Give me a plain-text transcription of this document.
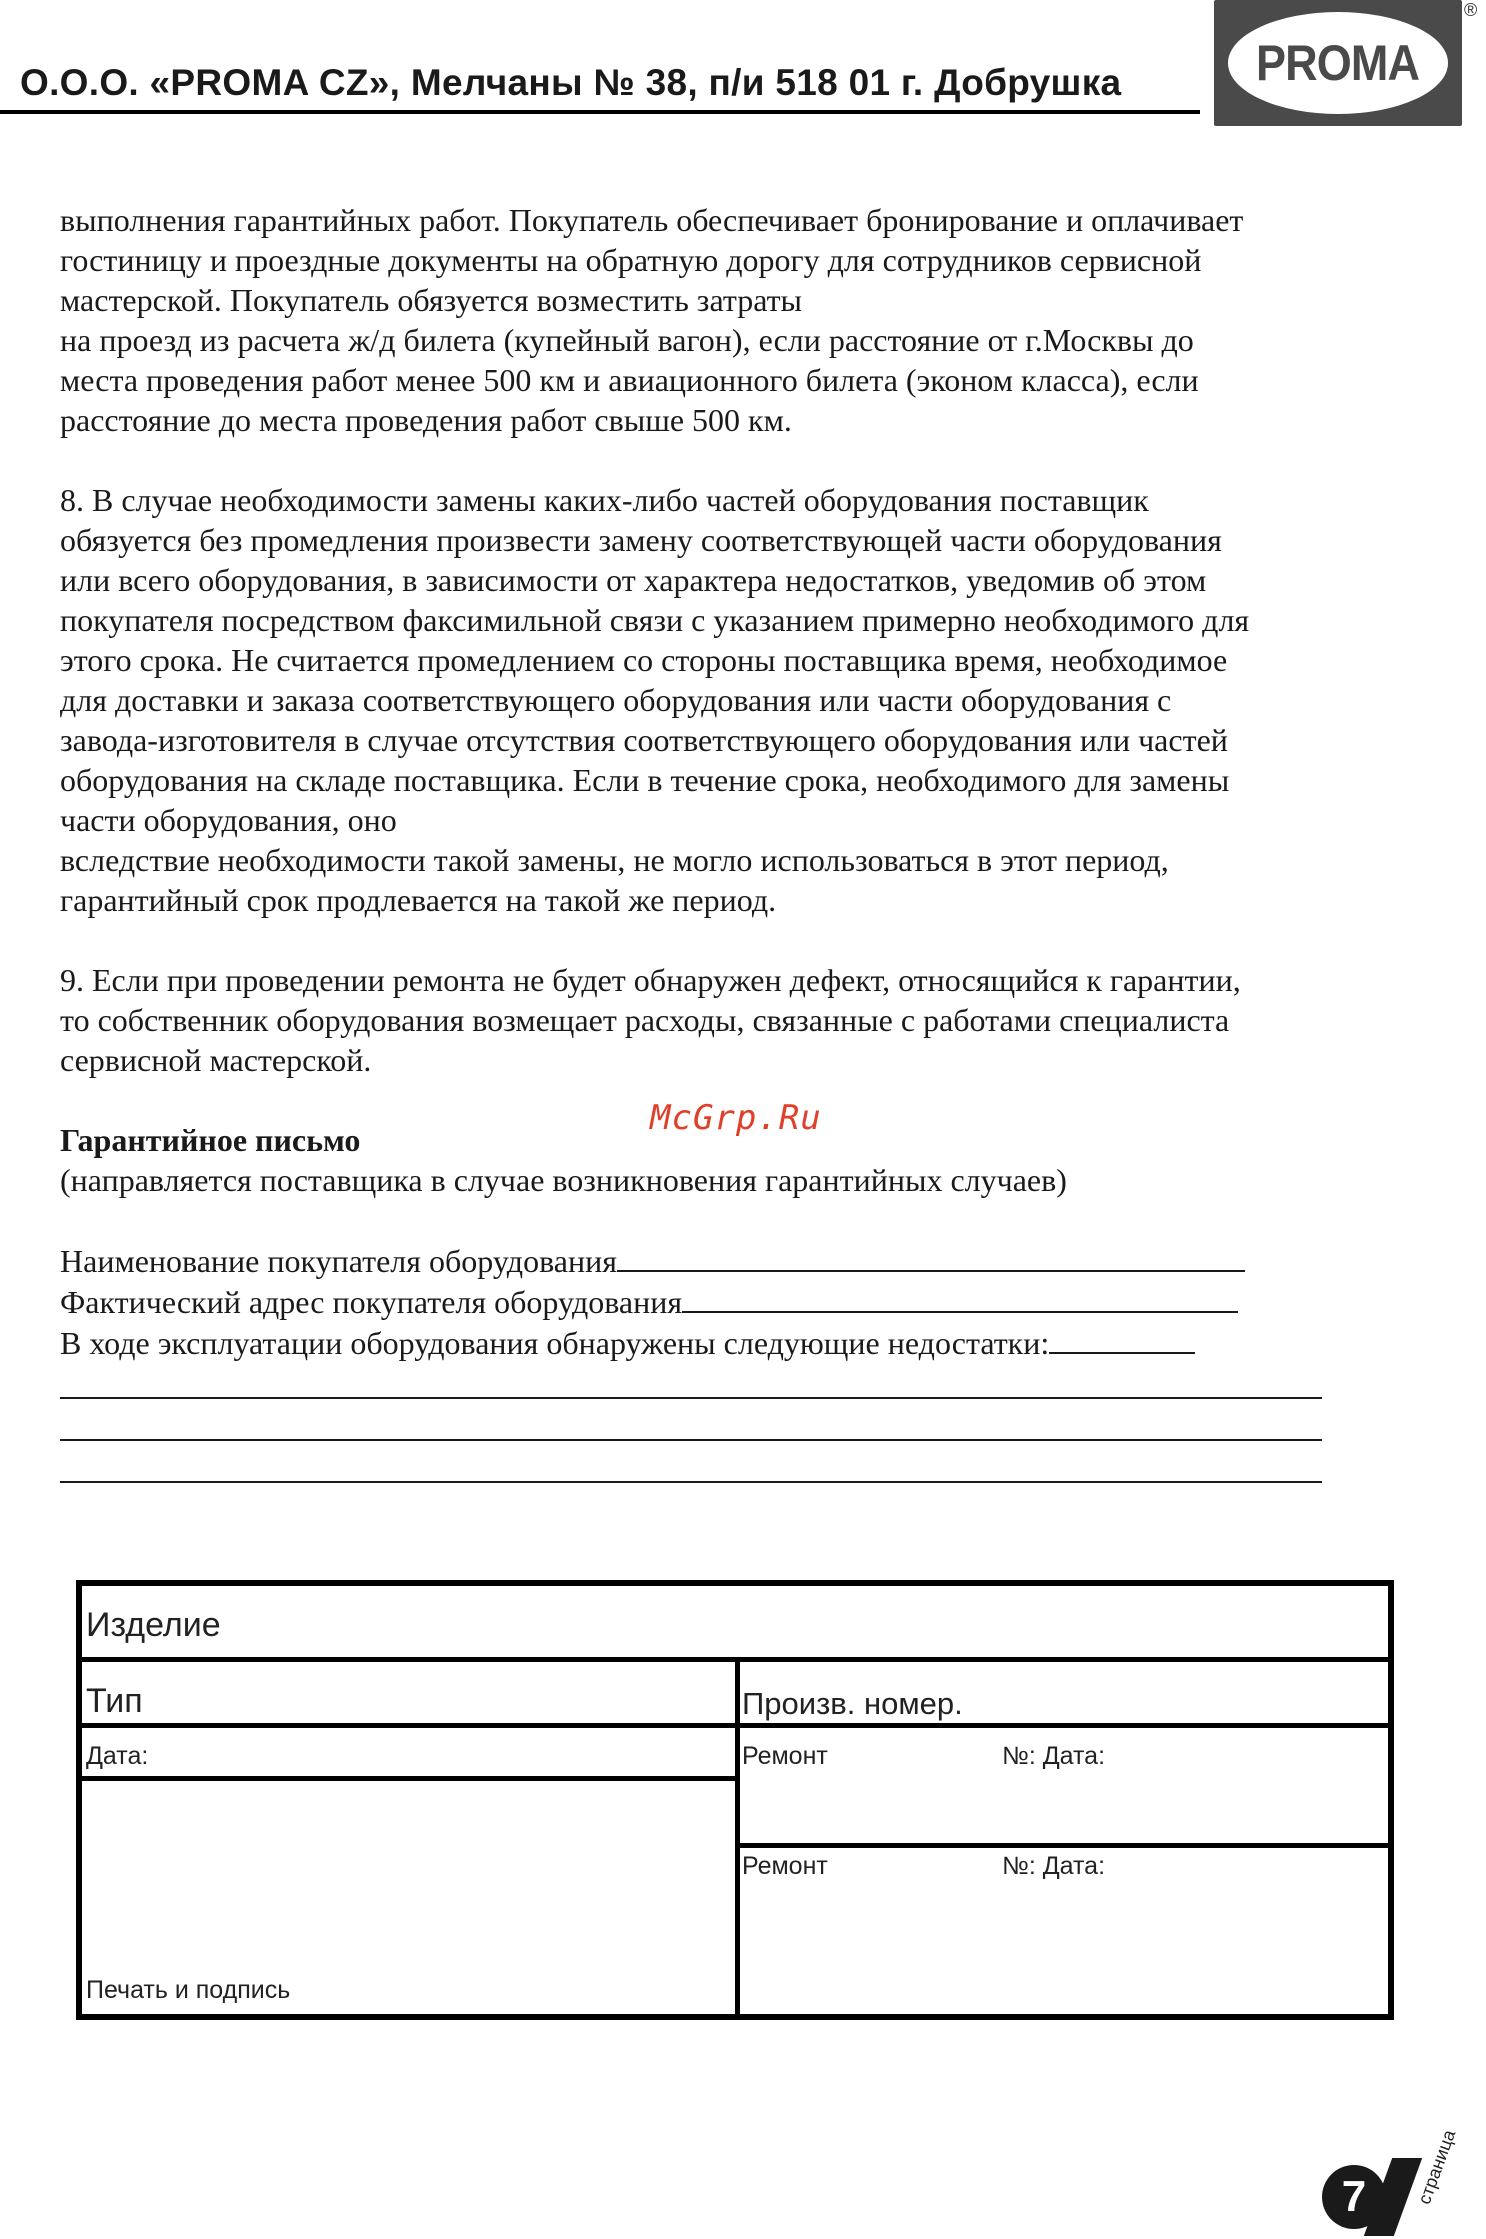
О.О.О. «PROMA CZ», Мелчаны № 38, п/и 518 01 г. Добрушка	PROMA
®

выполнения гарантийных работ. Покупатель обеспечивает бронирование и оплачивает
гостиницу и проездные документы на обратную дорогу для сотрудников сервисной
мастерской. Покупатель обязуется возместить затраты
на проезд из расчета ж/д билета (купейный вагон), если расстояние от г.Москвы до
места проведения работ менее 500 км и авиационного билета (эконом класса), если
расстояние до места проведения работ свыше 500 км.

8. В случае необходимости замены каких-либо частей оборудования поставщик
обязуется без промедления произвести замену соответствующей части оборудования
или всего оборудования, в зависимости от характера недостатков, уведомив об этом
покупателя посредством факсимильной связи с указанием примерно необходимого для
этого срока. Не считается промедлением со стороны поставщика время, необходимое
для доставки и заказа соответствующего оборудования или части оборудования с
завода-изготовителя в случае отсутствия соответствующего оборудования или частей
оборудования на складе поставщика. Если в течение срока, необходимого для замены
части оборудования, оно
вследствие необходимости такой замены, не могло использоваться в этот период,
гарантийный срок продлевается на такой же период.

9. Если при проведении ремонта не будет обнаружен дефект, относящийся к гарантии,
то собственник оборудования возмещает расходы, связанные с работами специалиста
сервисной мастерской.

Гарантийное письмо
(направляется поставщика в случае возникновения гарантийных случаев)

Наименование покупателя оборудования
Фактический адрес покупателя оборудования
В ходе эксплуатации оборудования обнаружены следующие недостатки:
McGrp.Ru
Изделие
Тип	Произв. номер.
Дата:	Ремонт	№: Дата:
Ремонт	№: Дата:
Печать и подпись
7	страница
